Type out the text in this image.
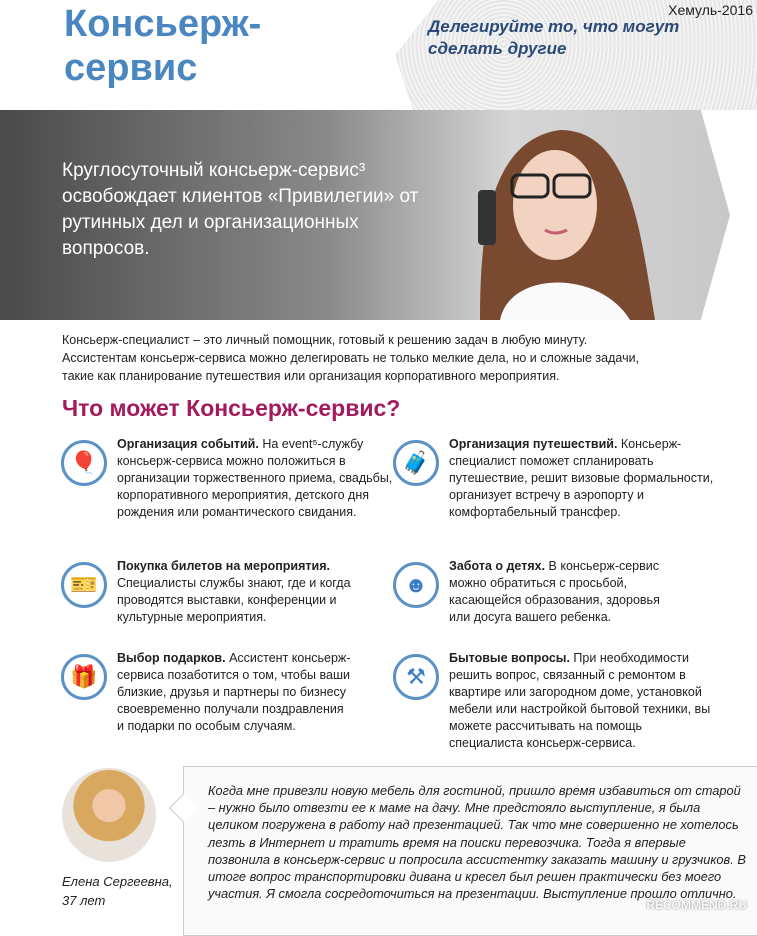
Консьерж-
сервис
Хемуль-2016
Делегируйте то, что могут
сделать другие
Круглосуточный консьерж-сервис³ освобождает клиентов «Привилегии» от рутинных дел и организационных вопросов.
Консьерж-специалист – это личный помощник, готовый к решению задач в любую минуту.
Ассистентам консьерж-сервиса можно делегировать не только мелкие дела, но и сложные задачи,
такие как планирование путешествия или организация корпоративного мероприятия.
Что может Консьерж-сервис?
🎈
Организация событий. На event⁵-службу консьерж-сервиса можно положиться в организации торжественного приема, свадьбы, корпоративного мероприятия, детского дня рождения или романтического свидания.
🧳
Организация путешествий. Консьерж-специалист поможет спланировать путешествие, решит визовые формальности, организует встречу в аэропорту и комфортабельный трансфер.
🎫
Покупка билетов на мероприятия. Специалисты службы знают, где и когда проводятся выставки, конференции и культурные мероприятия.
☻
Забота о детях. В консьерж-сервис можно обратиться с просьбой, касающейся образования, здоровья или досуга вашего ребенка.
🎁
Выбор подарков. Ассистент консьерж-сервиса позаботится о том, чтобы ваши близкие, друзья и партнеры по бизнесу своевременно получали поздравления и подарки по особым случаям.
⚒
Бытовые вопросы. При необходимости решить вопрос, связанный с ремонтом в квартире или загородном доме, установкой мебели или настройкой бытовой техники, вы можете рассчитывать на помощь специалиста консьерж-сервиса.
Елена Сергеевна,
37 лет
Когда мне привезли новую мебель для гостиной, пришло время избавиться от старой – нужно было отвезти ее к маме на дачу. Мне предстояло выступление, я была целиком погружена в работу над презентацией. Так что мне совершенно не хотелось лезть в Интернет и тратить время на поиски перевозчика. Тогда я впервые позвонила в консьерж-сервис и попросила ассистентку заказать машину и грузчиков. В итоге вопрос транспортировки дивана и кресел был решен практически без моего участия. Я смогла сосредоточиться на презентации. Выступление прошло отлично.
RECOMMEND.RU
